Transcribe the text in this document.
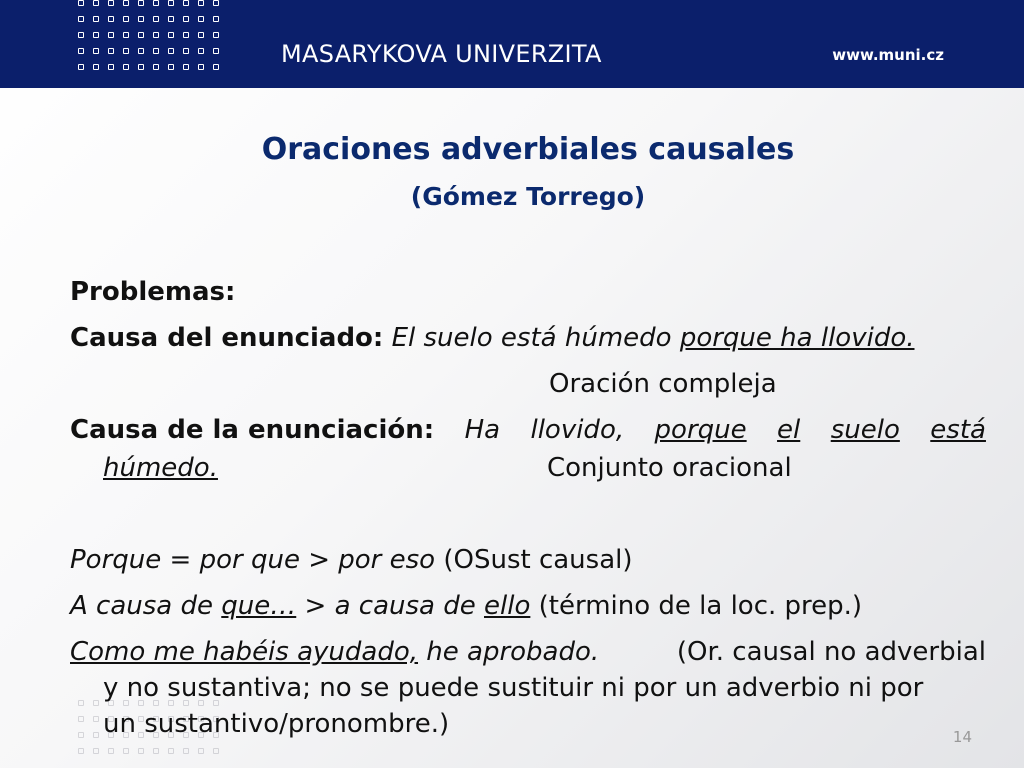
MASARYKOVA UNIVERZITA	www.muni.cz
Oraciones adverbiales causales
(Gómez Torrego)
Problemas:
Causa del enunciado: El suelo está húmedo porque ha llovido.
Oración compleja
Causa de la enunciación: Ha llovido, porque el suelo está
húmedo.	Conjunto oracional
Porque = por que > por eso (OSust causal)
A causa de que… > a causa de ello (término de la loc. prep.)
Como me habéis ayudado, he aprobado.	(Or. causal no adverbial
y no sustantiva; no se puede sustituir ni por un adverbio ni por
un sustantivo/pronombre.)	14
